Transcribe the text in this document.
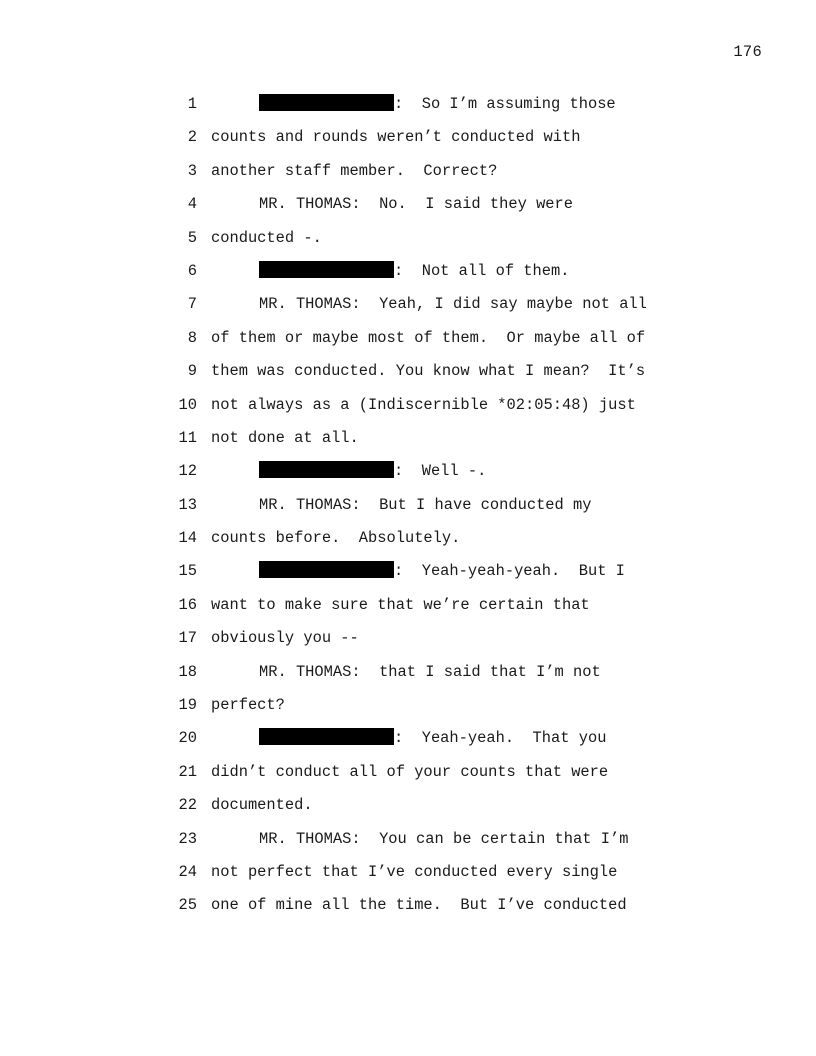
176
1	:  So I’m assuming those
2 counts and rounds weren’t conducted with
3 another staff member.  Correct?
4	MR. THOMAS:  No.  I said they were
5 conducted -.
6	:  Not all of them.
7	MR. THOMAS:  Yeah, I did say maybe not all
8 of them or maybe most of them.  Or maybe all of
9 them was conducted. You know what I mean?  It’s
10 not always as a (Indiscernible *02:05:48) just
11 not done at all.
12	:  Well -.
13	MR. THOMAS:  But I have conducted my
14 counts before.  Absolutely.
15	:  Yeah-yeah-yeah.  But I
16 want to make sure that we’re certain that
17 obviously you --
18	MR. THOMAS:  that I said that I’m not
19 perfect?
20	:  Yeah-yeah.  That you
21 didn’t conduct all of your counts that were
22 documented.
23	MR. THOMAS:  You can be certain that I’m
24 not perfect that I’ve conducted every single
25 one of mine all the time.  But I’ve conducted
